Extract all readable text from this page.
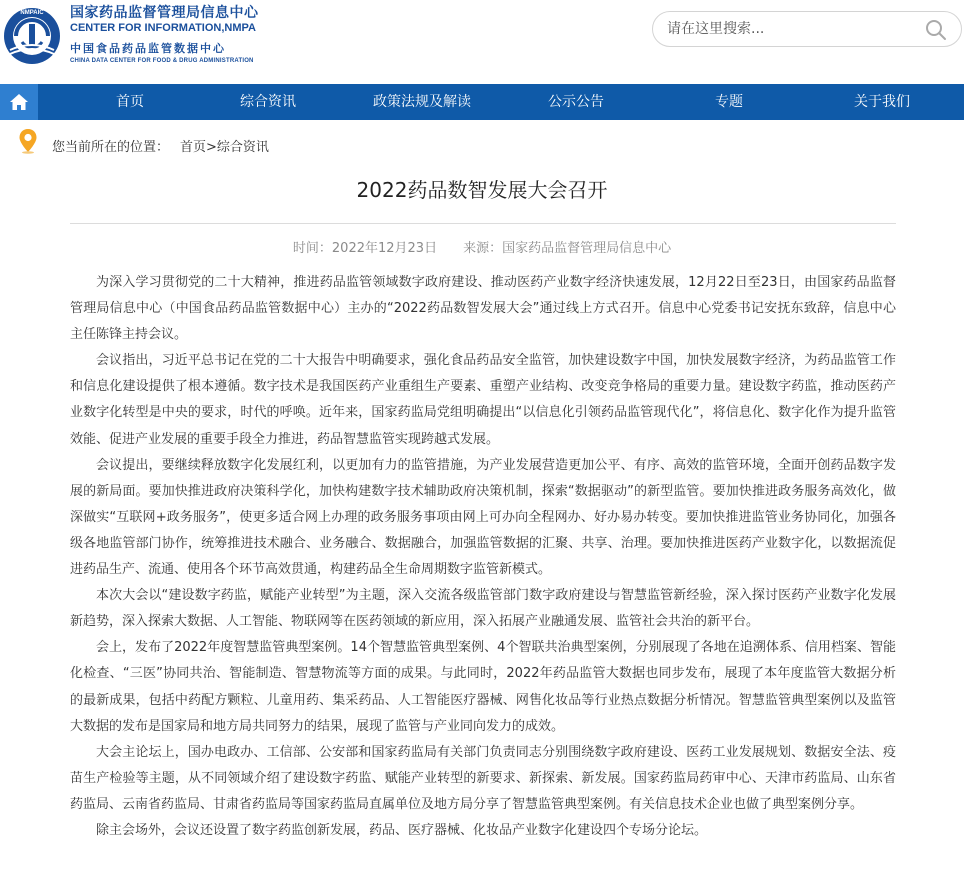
NMPAIC 国家药品监督管理局信息中心
CENTER FOR INFORMATION,NMPA
中国食品药品监管数据中心
CHINA DATA CENTER FOR FOOD & DRUG ADMINISTRATION
请在这里搜索...
首页	综合资讯	政策法规及解读	公示公告	专题	关于我们
您当前所在的位置： 首页>综合资讯
2022药品数智发展大会召开
时间：2022年12月23日 来源：国家药品监督管理局信息中心

为深入学习贯彻党的二十大精神，推进药品监管领域数字政府建设、推动医药产业数字经济快速发展，12月22日至23日，由国家药品监督管理局信息中心（中国食品药品监管数据中心）主办的“2022药品数智发展大会”通过线上方式召开。信息中心党委书记安抚东致辞，信息中心主任陈锋主持会议。

会议指出，习近平总书记在党的二十大报告中明确要求，强化食品药品安全监管，加快建设数字中国，加快发展数字经济，为药品监管工作和信息化建设提供了根本遵循。数字技术是我国医药产业重组生产要素、重塑产业结构、改变竞争格局的重要力量。建设数字药监，推动医药产业数字化转型是中央的要求，时代的呼唤。近年来，国家药监局党组明确提出“以信息化引领药品监管现代化”，将信息化、数字化作为提升监管效能、促进产业发展的重要手段全力推进，药品智慧监管实现跨越式发展。

会议提出，要继续释放数字化发展红利，以更加有力的监管措施，为产业发展营造更加公平、有序、高效的监管环境，全面开创药品数字发展的新局面。要加快推进政府决策科学化，加快构建数字技术辅助政府决策机制，探索“数据驱动”的新型监管。要加快推进政务服务高效化，做深做实“互联网+政务服务”，使更多适合网上办理的政务服务事项由网上可办向全程网办、好办易办转变。要加快推进监管业务协同化，加强各级各地监管部门协作，统筹推进技术融合、业务融合、数据融合，加强监管数据的汇聚、共享、治理。要加快推进医药产业数字化，以数据流促进药品生产、流通、使用各个环节高效贯通，构建药品全生命周期数字监管新模式。

本次大会以“建设数字药监，赋能产业转型”为主题，深入交流各级监管部门数字政府建设与智慧监管新经验，深入探讨医药产业数字化发展新趋势，深入探索大数据、人工智能、物联网等在医药领域的新应用，深入拓展产业融通发展、监管社会共治的新平台。

会上，发布了2022年度智慧监管典型案例。14个智慧监管典型案例、4个智联共治典型案例，分别展现了各地在追溯体系、信用档案、智能化检查、“三医”协同共治、智能制造、智慧物流等方面的成果。与此同时，2022年药品监管大数据也同步发布，展现了本年度监管大数据分析的最新成果，包括中药配方颗粒、儿童用药、集采药品、人工智能医疗器械、网售化妆品等行业热点数据分析情况。智慧监管典型案例以及监管大数据的发布是国家局和地方局共同努力的结果，展现了监管与产业同向发力的成效。

大会主论坛上，国办电政办、工信部、公安部和国家药监局有关部门负责同志分别围绕数字政府建设、医药工业发展规划、数据安全法、疫苗生产检验等主题，从不同领域介绍了建设数字药监、赋能产业转型的新要求、新探索、新发展。国家药监局药审中心、天津市药监局、山东省药监局、云南省药监局、甘肃省药监局等国家药监局直属单位及地方局分享了智慧监管典型案例。有关信息技术企业也做了典型案例分享。

除主会场外，会议还设置了数字药监创新发展，药品、医疗器械、化妆品产业数字化建设四个专场分论坛。
